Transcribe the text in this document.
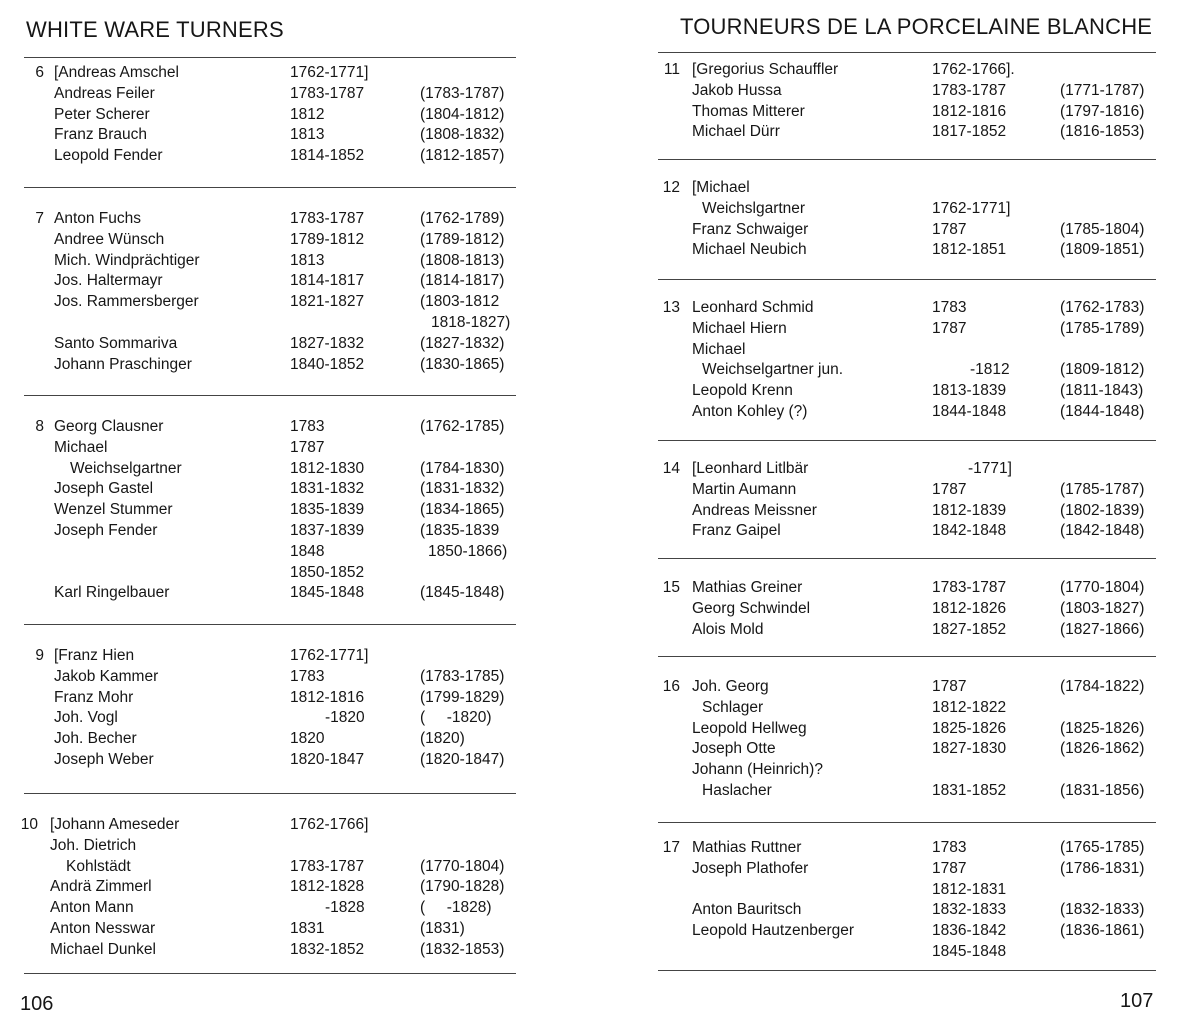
WHITE WARE TURNERS
6 [Andreas Amschel	1762-1771]
Andreas Feiler	1783-1787	(1783-1787)
Peter Scherer	1812	(1804-1812)
Franz Brauch	1813	(1808-1832)
Leopold Fender	1814-1852	(1812-1857)
7 Anton Fuchs	1783-1787	(1762-1789)
Andree Wünsch	1789-1812	(1789-1812)
Mich. Windprächtiger	1813	(1808-1813)
Jos. Haltermayr	1814-1817	(1814-1817)
Jos. Rammersberger	1821-1827	(1803-1812
1818-1827)
Santo Sommariva	1827-1832	(1827-1832)
Johann Praschinger	1840-1852	(1830-1865)
8 Georg Clausner	1783	(1762-1785)
Michael	1787
Weichselgartner	1812-1830	(1784-1830)
Joseph Gastel	1831-1832	(1831-1832)
Wenzel Stummer	1835-1839	(1834-1865)
Joseph Fender	1837-1839	(1835-1839
1848	1850-1866)
1850-1852
Karl Ringelbauer	1845-1848	(1845-1848)
9 [Franz Hien	1762-1771]
Jakob Kammer	1783	(1783-1785)
Franz Mohr	1812-1816	(1799-1829)
Joh. Vogl	-1820	(     -1820)
Joh. Becher	1820	(1820)
Joseph Weber	1820-1847	(1820-1847)
10 [Johann Ameseder	1762-1766]
Joh. Dietrich
Kohlstädt	1783-1787	(1770-1804)
Andrä Zimmerl	1812-1828	(1790-1828)
Anton Mann	-1828	(     -1828)
Anton Nesswar	1831	(1831)
Michael Dunkel	1832-1852	(1832-1853)
106
TOURNEURS DE LA PORCELAINE BLANCHE
11 [Gregorius Schauffler	1762-1766].
Jakob Hussa	1783-1787	(1771-1787)
Thomas Mitterer	1812-1816	(1797-1816)
Michael Dürr	1817-1852	(1816-1853)
12 [Michael
Weichslgartner	1762-1771]
Franz Schwaiger	1787	(1785-1804)
Michael Neubich	1812-1851	(1809-1851)
13 Leonhard Schmid	1783	(1762-1783)
Michael Hiern	1787	(1785-1789)
Michael
Weichselgartner jun.	-1812	(1809-1812)
Leopold Krenn	1813-1839	(1811-1843)
Anton Kohley (?)	1844-1848	(1844-1848)
14 [Leonhard Litlbär	-1771]
Martin Aumann	1787	(1785-1787)
Andreas Meissner	1812-1839	(1802-1839)
Franz Gaipel	1842-1848	(1842-1848)
15 Mathias Greiner	1783-1787	(1770-1804)
Georg Schwindel	1812-1826	(1803-1827)
Alois Mold	1827-1852	(1827-1866)
16 Joh. Georg	1787	(1784-1822)
Schlager	1812-1822
Leopold Hellweg	1825-1826	(1825-1826)
Joseph Otte	1827-1830	(1826-1862)
Johann (Heinrich)?
Haslacher	1831-1852	(1831-1856)
17 Mathias Ruttner	1783	(1765-1785)
Joseph Plathofer	1787	(1786-1831)
1812-1831
Anton Bauritsch	1832-1833	(1832-1833)
Leopold Hautzenberger	1836-1842	(1836-1861)
1845-1848
107
